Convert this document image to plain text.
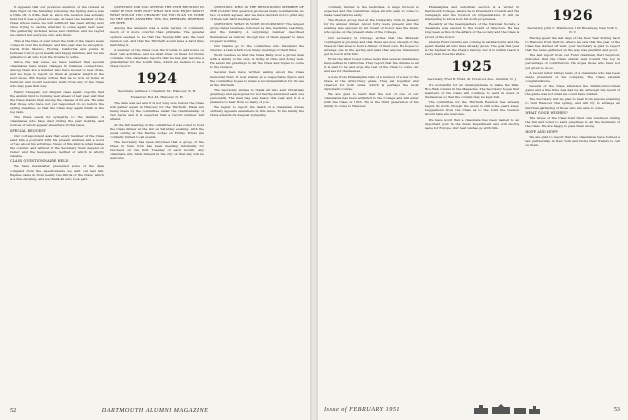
It appears that our previous mention of the retreat at Sam Tiger on the Saturday following the Spring dance was a trifle off. A trifle, that is, since the reunion was actually held but it was a great success. At least one member of the Class whose name we will withhold has been sitting ever since trying to decide whether to come again next year. The gathering included wives and children, and we regret we cannot list everyone who was there.

This is the time of year when the bulk of the class's news comes in over the holidays, and this year was no exception. Cards from Mexico, Florida, California and points in between told of good health and happy families, and we are grateful to all who took the trouble to write.

Since the last issue we have learned that several classmates have made changes in business connections. Among them are a number who have moved to new cities, and we hope to report on them at greater length in the next issue. Bill Seeley writes that he is now at home in Vermont and would welcome visits from any of the Class who may pass that way.

Henry Chappell, our diligent class agent, reports that the alumni fund is running well ahead of last year and that the Class stands high among the classes of its era. He asks that those who have not yet responded do so before the spring deadline, so that the Class may again finish in the top rank.

The Class sends its sympathy to the families of classmates who have died during the past months, and notices of whom appear elsewhere in this issue.

SPECIAL REQUEST

Our correspondent asks that every member of the Class send him a postcard with his present address and a word or two about his activities. News of this kind is what makes the column, and without it the Secretary must depend on rumor and the newspapers, neither of which is wholly reliable.

CLASS QUESTIONNAIRE HELD

We have hereinafter presented some of the data compiled from the questionnaire we sent out last fall. Replies came in from nearly two-thirds of the Class, which is a fine showing, and we thank all who took part.

QUESTION: DID YOU ATTEND THE 25TH REUNION IN 1949? IF NOT, WHY NOT? WHAT DID YOU ENJOY MOST? WHAT WOULD YOU CHANGE? DO YOU PLAN TO COME TO THE 30TH? ANSWERS: YES, NO, PERHAPS, DEPENDS ON WIFE.

Among the answers was a wide variety of comment, much of it more colorful than printable. The general opinion seemed to be that the Twenty-fifth was the best reunion yet, and that the Thirtieth would have a hard time matching it.

A number of the Class took the trouble to add notes on their own activities, and we shall draw on these for future columns. One classmate reports that he has just become a grandfather for the fourth time, which we believe to be a Class record.

1924
Secretary, Address 1 Chestnut St., Hanover, N. H.
Treasurer, Box 43, Hanover, N. H.

The date was set and it is not long now before the Class will gather again in Hanover for the Thirtieth. Plans are being made by the committee under the chairmanship of Ted Ayres and it is expected that a record number will attend.

At the fall meeting of the committee it was voted to hold the Class dinner at the Inn on Saturday evening, with the usual outing at the Ravine Lodge on Friday. Wives are cordially invited to all events.

The Secretary has been informed that a group of the Class in New York has been meeting informally for luncheon on the first Tuesday of each month. Any classmate who finds himself in the city on that day will be welcome.

QUESTION: WHO IS THE BEST-KNOWN MEMBER OF THE CLASS? This question produced many nominations, no two of which agreed, and we have decided not to print any of them lest hard feelings arise.

QUESTION: WHAT IS YOUR OCCUPATION? The largest group listed business, followed by law, medicine, teaching, and the ministry. A surprising number described themselves as retired, though few of them appear to have stopped working.

Our thanks go to the committee who tabulated the returns, a task which took many evenings of their time.

Word reaches us that the Class Baby, now a grown man with a family of his own, is living in Ohio and doing well. He sends his greetings to all the Class and hopes to come to the reunion.

Several men have written asking about the Class memorial fund. It now stands at a respectable figure and the committee hopes to make a recommendation for its use at the Thirtieth.

The Secretary wishes to thank all who sent Christmas greetings and apologizes for not having answered each one personally. The mail bag was heavy this year and it is a pleasure to hear from so many of you.

We regret to report the death of a classmate whose obituary appears elsewhere in this issue. To his family the Class extends its deepest sympathy.

52	DARTMOUTH ALUMNI MAGAZINE

cordially invited to the festivities. A large turnout is expected and the committee urges all who plan to come to make reservations early.

The Boston group met at the University Club in January for its annual dinner. About forty were present and the evening was enjoyed by all. Guest of honor was the Dean, who spoke on the present state of the College.

Our secretary in Chicago writes that the Midwest contingent is growing and that there are now enough of the Class in that area to hold a dinner of their own. He hopes to arrange one in the spring and asks that anyone interested get in touch with him.

From the West Coast comes news that several classmates have settled in California. They report that the climate is all it is said to be and urge the rest of the Class to come out and see for themselves.

A note from Philadelphia tells of a reunion of a few of the Class at the Army-Navy game. They sat together and cheered for both sides, which is perhaps the most diplomatic course.

We are glad to learn that the son of one of our classmates has been admitted to the College and will enter with the Class of 1955. He is the third generation of his family to come to Hanover.

Philadelphia and suburban section is a writer in Dartmouth College, where he is President's Council and the Campaign and the Council on Organizations. It will be interesting to know how his work progresses.

Recently at the headquarters of the National Society, a classmate was elected to the board of directors. He has long been active in the affairs of the society and the Class is proud of the honor.

Alumni Fund returns are coming in satisfactorily and the agent thanks all who have already given. The goal this year is the highest in the Class's history, but it is within reach if every man does his share.

1925
Secretary, Fred R. Hunt, 41 Norwood Ave., Summit, N. J.

It's wonderful for an undergraduate to make the Wah-Hoo-Wah column in the Magazine. The Secretary hopes that members of the Class will continue to send in news of themselves so that the column may be kept full.

The committee for the Thirtieth Reunion has already begun its work, though the event is still some years away. Suggestions from the Class as to the form the reunion should take are welcome.

We have word that a classmate has been named to an important post in the State Department and will shortly leave for Europe. Our best wishes go with him.

1926
Secretary, John C. Hammond, 120 Broadway, New York 5, N. Y.

Having spent the last days of the New Year driving back to Hanover from Detroit, where we saw that the year of the Class has started off well, your Secretary is glad to report that the news gathered on the way was plentiful and good.

The last report from our Fund chairman, Bert Seymour, indicates that the Class stands well toward the top in percentage of contributors. He urges those who have not yet given to do so.

A recent letter brings news of a classmate who has been made president of his company. The Class extends congratulations.

Several of the Class attended the Dartmouth-Cornell game and a fine time was had by all, although the result of the game was not what we could have wished.

The Secretary will be glad to hear from anyone planning to visit Hanover this spring, and will try to arrange an informal gathering of those who are able to come.

WHAT GOOD WISHES?

The wives of the Class held their own luncheon during the fall and voted to send greetings to all the members of the Class. We are happy to pass them along.

HOFF AND HOFF

We are glad to report that two classmates have formed a law partnership in New York and invite their friends to call on them.

Issue of FEBRUARY 1951	53
